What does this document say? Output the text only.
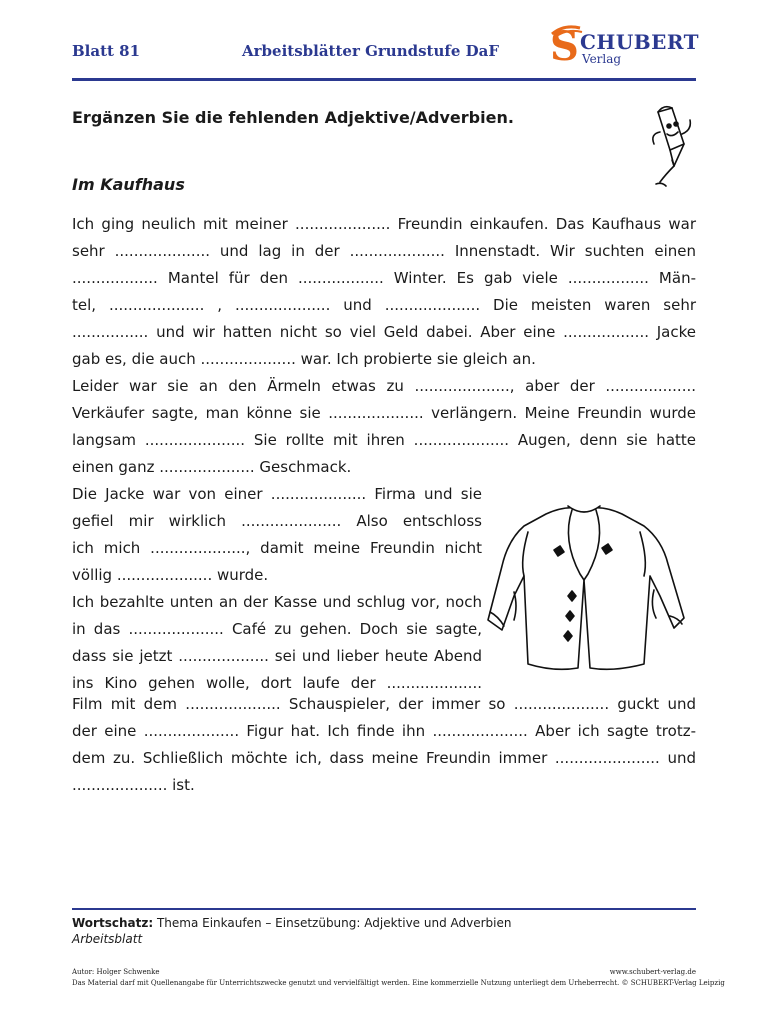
Blatt 81	Arbeitsblätter Grundstufe DaF S CHUBERT
Verlag
Ergänzen Sie die fehlenden Adjektive/Adverbien.
Im Kaufhaus
Ich ging neulich mit meiner .................... Freundin einkaufen. Das Kaufhaus war
sehr .................... und lag in der .................... Innenstadt. Wir suchten einen
.................. Mantel für den .................. Winter. Es gab viele ................. Män-
tel, .................... , .................... und .................... Die meisten waren sehr
................ und wir hatten nicht so viel Geld dabei. Aber eine .................. Jacke
gab es, die auch .................... war. Ich probierte sie gleich an.
Leider war sie an den Ärmeln etwas zu ...................., aber der ...................
Verkäufer sagte, man könne sie .................... verlängern. Meine Freundin wurde
langsam ..................... Sie rollte mit ihren .................... Augen, denn sie hatte
einen ganz .................... Geschmack.
Die Jacke war von einer .................... Firma und sie
gefiel mir wirklich ..................... Also entschloss
ich mich ...................., damit meine Freundin nicht
völlig .................... wurde.
Ich bezahlte unten an der Kasse und schlug vor, noch
in das .................... Café zu gehen. Doch sie sagte,
dass sie jetzt ................... sei und lieber heute Abend
ins Kino gehen wolle, dort laufe der ....................
Film mit dem .................... Schauspieler, der immer so .................... guckt und
der eine .................... Figur hat. Ich finde ihn .................... Aber ich sagte trotz-
dem zu. Schließlich möchte ich, dass meine Freundin immer ...................... und
.................... ist.
Wortschatz: Thema Einkaufen – Einsetzübung: Adjektive und Adverbien
Arbeitsblatt
Autor: Holger Schwenke	www.schubert-verlag.de
Das Material darf mit Quellenangabe für Unterrichtszwecke genutzt und vervielfältigt werden. Eine kommerzielle Nutzung unterliegt dem Urheberrecht. © SCHUBERT-Verlag Leipzig
